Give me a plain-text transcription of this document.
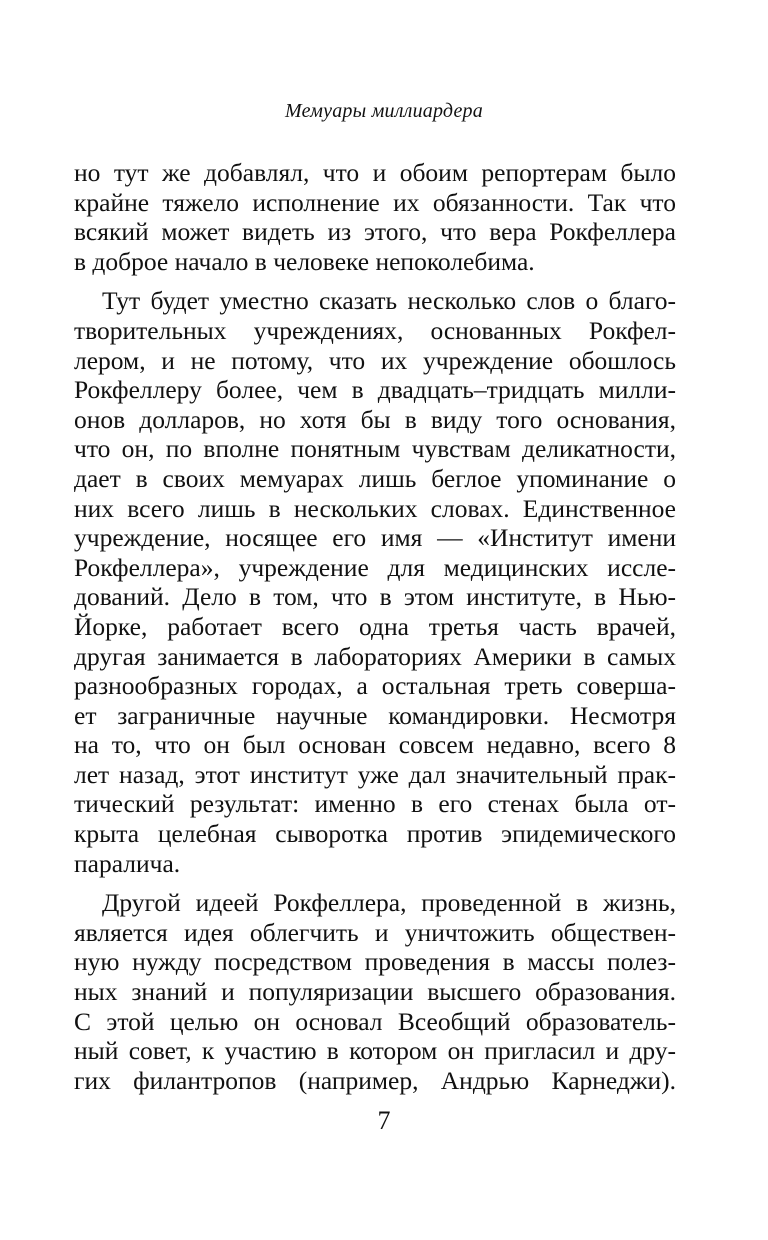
Мемуары миллиардера
но тут же добавлял, что и обоим репортерам было
крайне тяжело исполнение их обязанности. Так что
всякий может видеть из этого, что вера Рокфеллера
в доброе начало в человеке непоколебима.
Тут будет уместно сказать несколько слов о благо-
творительных учреждениях, основанных Рокфел-
лером, и не потому, что их учреждение обошлось
Рокфеллеру более, чем в двадцать–тридцать милли-
онов долларов, но хотя бы в виду того основания,
что он, по вполне понятным чувствам деликатности,
дает в своих мемуарах лишь беглое упоминание о
них всего лишь в нескольких словах. Единственное
учреждение, носящее его имя — «Институт имени
Рокфеллера», учреждение для медицинских иссле-
дований. Дело в том, что в этом институте, в Нью-
Йорке, работает всего одна третья часть врачей,
другая занимается в лабораториях Америки в самых
разнообразных городах, а остальная треть соверша-
ет заграничные научные командировки. Несмотря
на то, что он был основан совсем недавно, всего 8
лет назад, этот институт уже дал значительный прак-
тический результат: именно в его стенах была от-
крыта целебная сыворотка против эпидемического
паралича.
Другой идеей Рокфеллера, проведенной в жизнь,
является идея облегчить и уничтожить обществен-
ную нужду посредством проведения в массы полез-
ных знаний и популяризации высшего образования.
С этой целью он основал Всеобщий образователь-
ный совет, к участию в котором он пригласил и дру-
гих филантропов (например, Андрью Карнеджи).
7
